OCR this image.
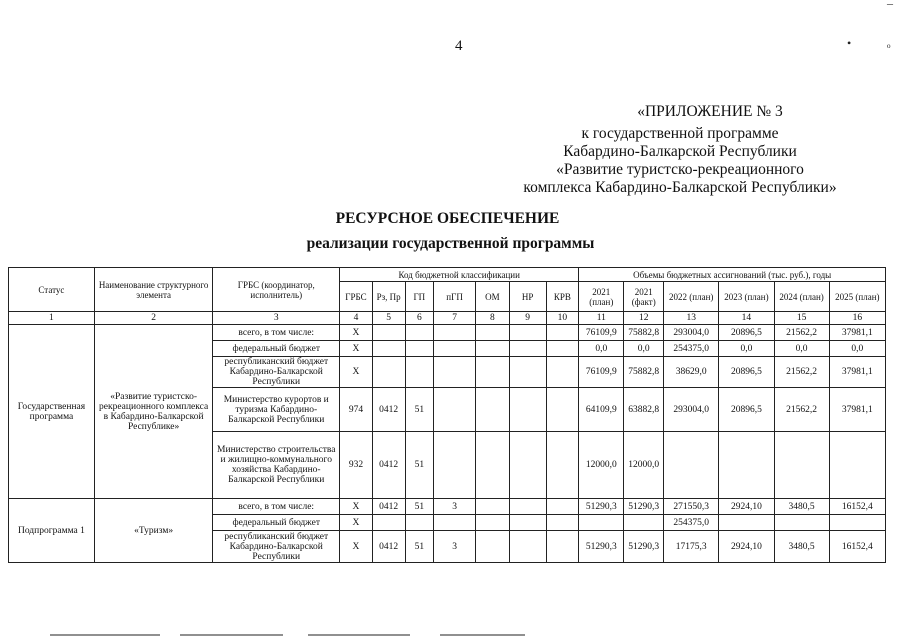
4
–
•	ₒ
«ПРИЛОЖЕНИЕ № 3
к государственной программе
Кабардино-Балкарской Республики
«Развитие туристско-рекреационного
комплекса Кабардино-Балкарской Республики»
РЕСУРСНОЕ ОБЕСПЕЧЕНИЕ
реализации государственной программы
Статус	Наименование структурного элемента	ГРБС (координатор, исполнитель)	Код бюджетной классификации							Объемы бюджетных ассигнований (тыс. руб.), годы					
			ГРБС	Рз, Пр	ГП	пГП	ОМ	НР	КРВ	2021 (план)	2021 (факт)	2022 (план)	2023 (план)	2024 (план)	2025 (план)
1	2	3	4	5	6	7	8	9	10	11	12	13	14	15	16
Государственная программа	«Развитие туристско-рекреационного комплекса в Кабардино-Балкарской Республике»	всего, в том числе:	Х							76109,9	75882,8	293004,0	20896,5	21562,2	37981,1
		федеральный бюджет	Х							0,0	0,0	254375,0	0,0	0,0	0,0
		республиканский бюджет Кабардино-Балкарской Республики	Х							76109,9	75882,8	38629,0	20896,5	21562,2	37981,1
		Министерство курортов и туризма Кабардино-Балкарской Республики	974	0412	51					64109,9	63882,8	293004,0	20896,5	21562,2	37981,1
		Министерство строительства и жилищно-коммунального хозяйства Кабардино-Балкарской Республики	932	0412	51					12000,0	12000,0				
Подпрограмма 1	«Туризм»	всего, в том числе:	Х	0412	51	3				51290,3	51290,3	271550,3	2924,10	3480,5	16152,4
		федеральный бюджет	Х									254375,0			
		республиканский бюджет Кабардино-Балкарской Республики	Х	0412	51	3				51290,3	51290,3	17175,3	2924,10	3480,5	16152,4
